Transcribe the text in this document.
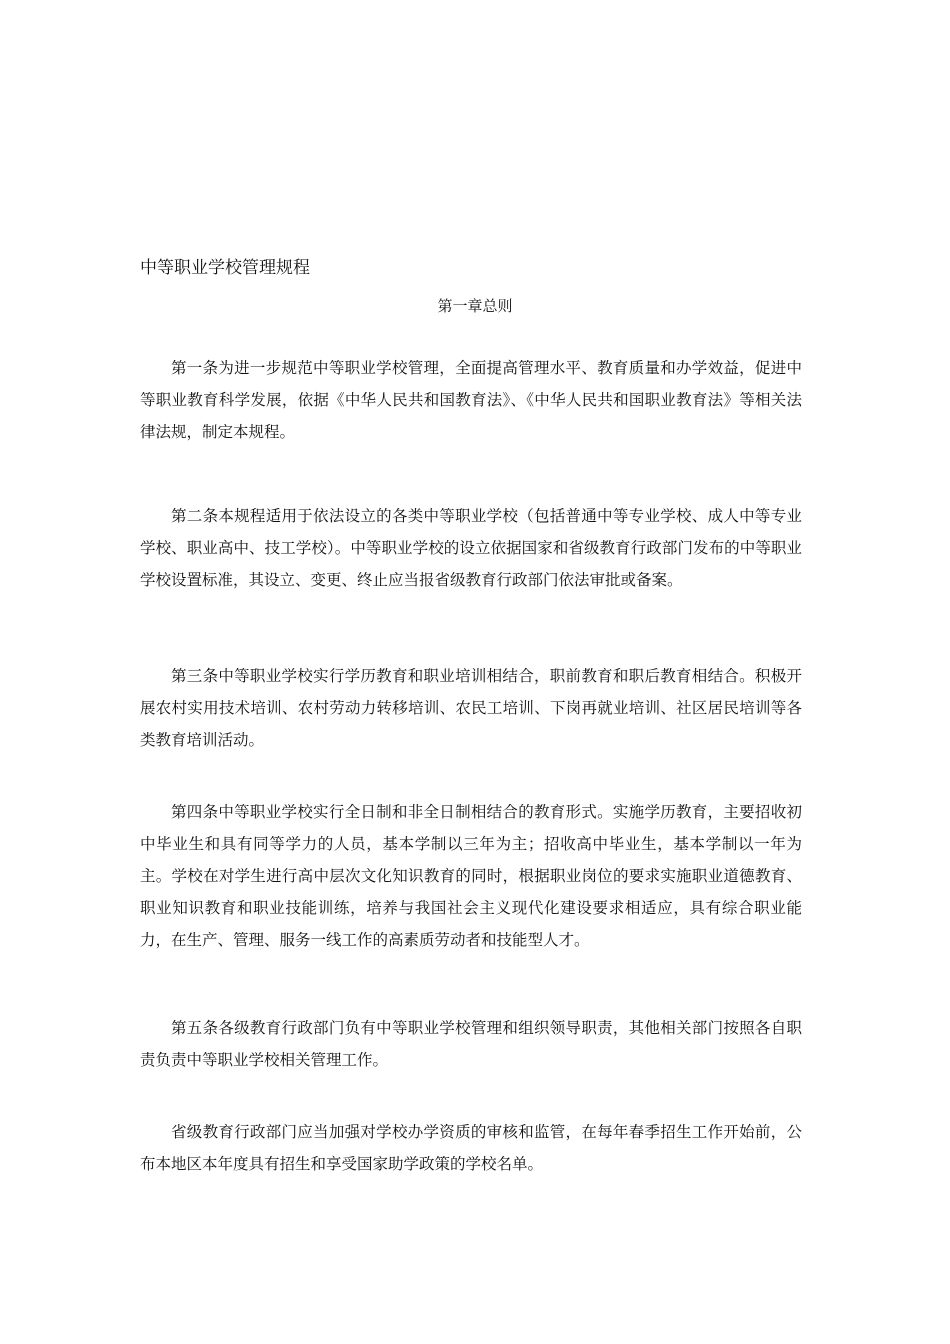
中等职业学校管理规程
第一章总则

第一条为进一步规范中等职业学校管理，全面提高管理水平、教育质量和办学效益，促进中等职业教育科学发展，依据《中华人民共和国教育法》、《中华人民共和国职业教育法》等相关法律法规，制定本规程。

第二条本规程适用于依法设立的各类中等职业学校（包括普通中等专业学校、成人中等专业学校、职业高中、技工学校）。中等职业学校的设立依据国家和省级教育行政部门发布的中等职业学校设置标准，其设立、变更、终止应当报省级教育行政部门依法审批或备案。

第三条中等职业学校实行学历教育和职业培训相结合，职前教育和职后教育相结合。积极开展农村实用技术培训、农村劳动力转移培训、农民工培训、下岗再就业培训、社区居民培训等各类教育培训活动。

第四条中等职业学校实行全日制和非全日制相结合的教育形式。实施学历教育，主要招收初中毕业生和具有同等学力的人员，基本学制以三年为主；招收高中毕业生，基本学制以一年为主。学校在对学生进行高中层次文化知识教育的同时，根据职业岗位的要求实施职业道德教育、职业知识教育和职业技能训练，培养与我国社会主义现代化建设要求相适应，具有综合职业能力，在生产、管理、服务一线工作的高素质劳动者和技能型人才。

第五条各级教育行政部门负有中等职业学校管理和组织领导职责，其他相关部门按照各自职责负责中等职业学校相关管理工作。

省级教育行政部门应当加强对学校办学资质的审核和监管，在每年春季招生工作开始前，公布本地区本年度具有招生和享受国家助学政策的学校名单。
